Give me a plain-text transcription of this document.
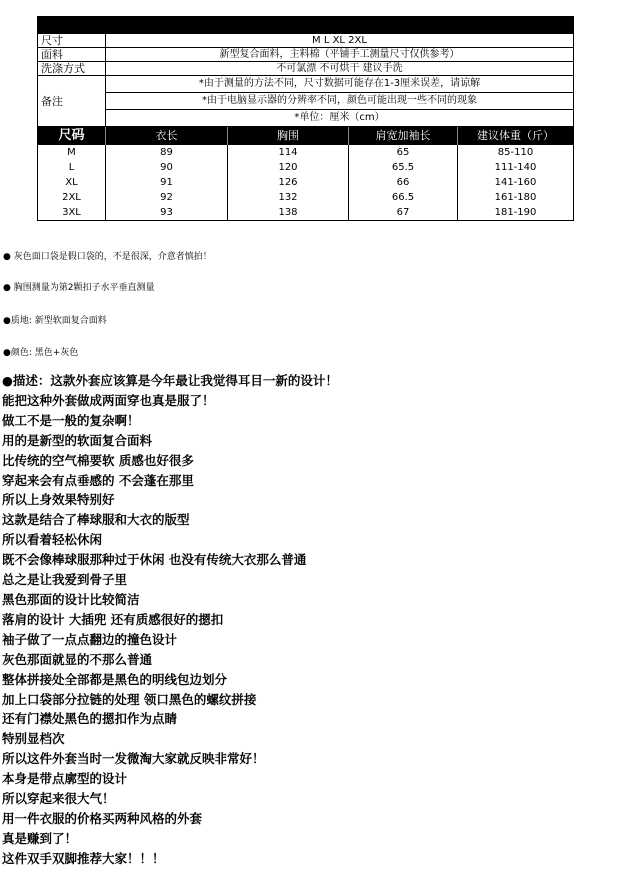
尺寸	M L XL 2XL
面料	新型复合面料，主料棉（平铺手工测量尺寸仅供参考）
洗涤方式	不可氯漂 不可烘干 建议手洗
备注
*由于测量的方法不同，尺寸数据可能存在1-3厘米误差，请谅解
*由于电脑显示器的分辨率不同，颜色可能出现一些不同的现象
*单位：厘米（cm）
尺码	衣长	胸围	肩宽加袖长	建议体重（斤）
M	89	114	65	85-110
L	90	120	65.5	111-140
XL	91	126	66	141-160
2XL	92	132	66.5	161-180
3XL	93	138	67	181-190
● 灰色面口袋是假口袋的，不是很深，介意者慎拍！
● 胸围测量为第2颗扣子水平垂直测量
●质地: 新型软面复合面料
●颜色: 黑色+灰色
●描述：这款外套应该算是今年最让我觉得耳目一新的设计！
能把这种外套做成两面穿也真是服了！
做工不是一般的复杂啊！
用的是新型的软面复合面料
比传统的空气棉要软 质感也好很多
穿起来会有点垂感的 不会蓬在那里
所以上身效果特别好
这款是结合了棒球服和大衣的版型
所以看着轻松休闲
既不会像棒球服那种过于休闲 也没有传统大衣那么普通
总之是让我爱到骨子里
黑色那面的设计比较简洁
落肩的设计 大插兜 还有质感很好的摁扣
袖子做了一点点翻边的撞色设计
灰色那面就显的不那么普通
整体拼接处全部都是黑色的明线包边划分
加上口袋部分拉链的处理 领口黑色的螺纹拼接
还有门襟处黑色的摁扣作为点睛
特别显档次
所以这件外套当时一发微淘大家就反映非常好！
本身是带点廓型的设计
所以穿起来很大气！
用一件衣服的价格买两种风格的外套
真是赚到了！
这件双手双脚推荐大家！！！
